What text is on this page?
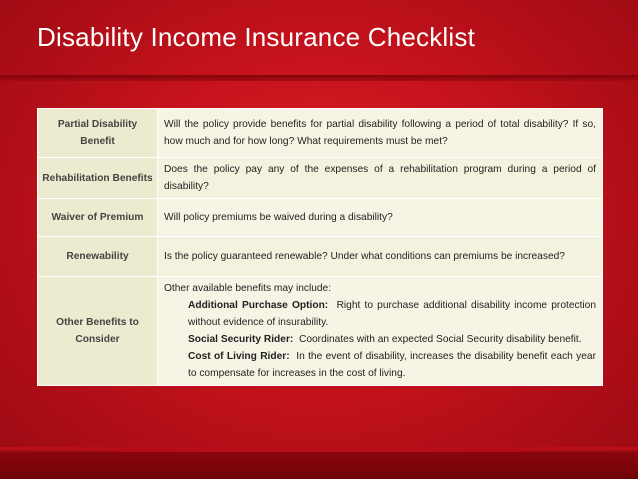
Disability Income Insurance Checklist
Partial Disability Benefit	Will the policy provide benefits for partial disability following a period of total disability? If so, how much and for how long? What requirements must be met?
Rehabilitation Benefits	Does the policy pay any of the expenses of a rehabilitation program during a period of disability?
Waiver of Premium	Will policy premiums be waived during a disability?
Renewability	Is the policy guaranteed renewable? Under what conditions can premiums be increased?
Other Benefits to Consider	Other available benefits may include:
Additional Purchase Option: Right to purchase additional disability income protection without evidence of insurability.
Social Security Rider: Coordinates with an expected Social Security disability benefit.
Cost of Living Rider: In the event of disability, increases the disability benefit each year to compensate for increases in the cost of living.
